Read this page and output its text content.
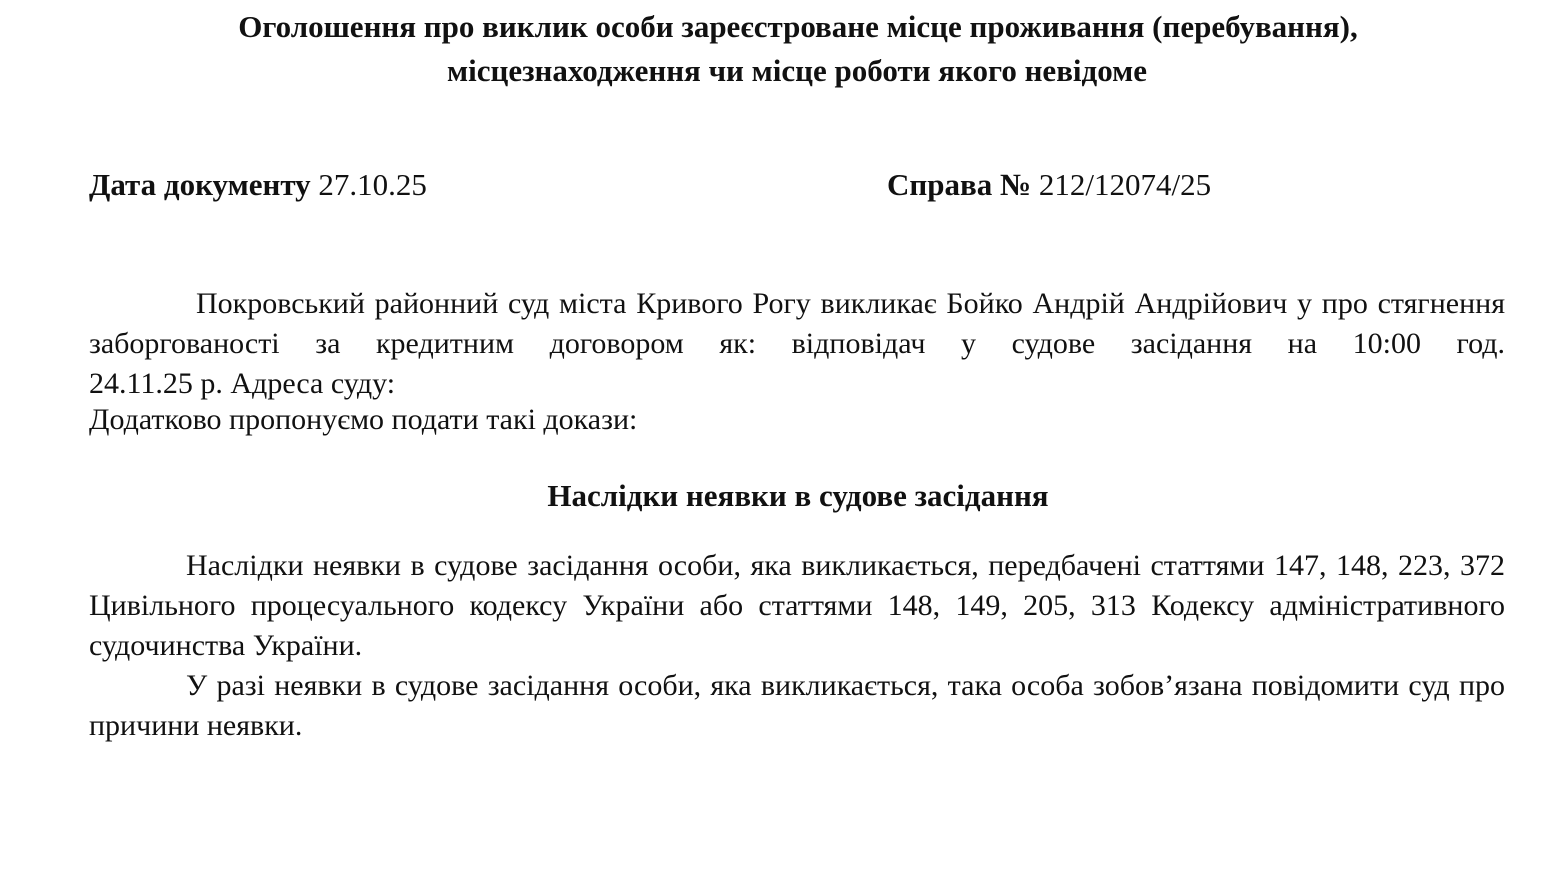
Оголошення про виклик особи зареєстроване місце проживання (перебування),

місцезнаходження чи місце роботи якого невідоме

Дата документу 27.10.25	Справа № 212/12074/25
Покровський районний суд міста Кривого Рогу викликає Бойко Андрій Андрійович у про стягнення заборгованості за кредитним договором як: відповідач у судове засідання на 10:00 год.
24.11.25 р. Адреса суду:

Додатково пропонуємо подати такі докази:

Наслідки неявки в судове засідання

Наслідки неявки в судове засідання особи, яка викликається, передбачені статтями 147, 148, 223, 372 Цивільного процесуального кодексу України або статтями 148, 149, 205, 313 Кодексу адміністративного судочинства України.
У разі неявки в судове засідання особи, яка викликається, така особа зобов’язана повідомити суд про причини неявки.
